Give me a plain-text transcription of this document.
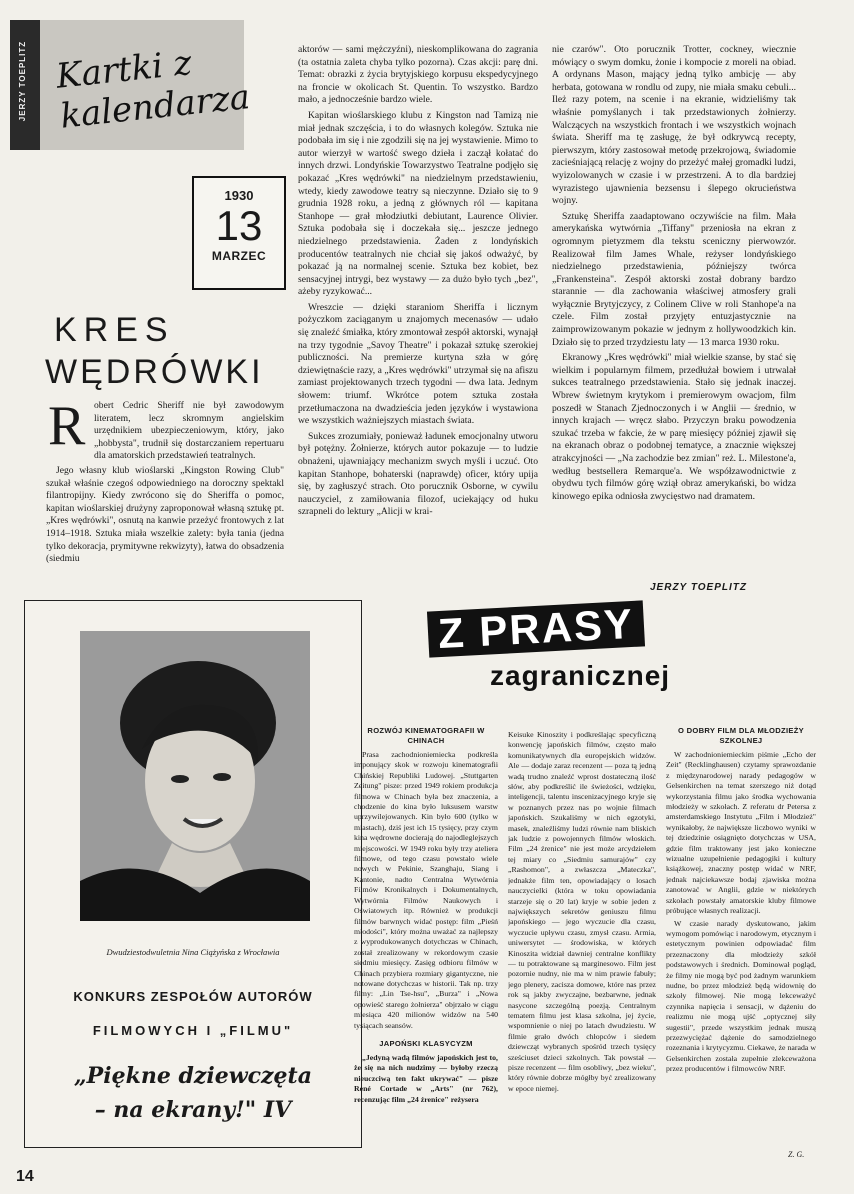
JERZY TOEPLITZ Kartki z kalendarza
1930
13
MARZEC
KRES
WĘDRÓWKI
R obert Cedric Sheriff nie był zawodowym literatem, lecz skromnym angielskim urzędnikiem ubezpieczeniowym, który, jako „hobbysta", trudnił się dostarczaniem repertuaru dla amatorskich przedstawień teatralnych.

Jego własny klub wioślarski „Kingston Rowing Club" szukał właśnie czegoś odpowiedniego na doroczny spektakl filantropijny. Kiedy zwrócono się do Sheriffa o pomoc, kapitan wioślarskiej drużyny zaproponował własną sztukę pt. „Kres wędrówki", osnutą na kanwie przeżyć frontowych z lat 1914–1918. Sztuka miała wszelkie zalety: była tania (jedna tylko dekoracja, prymitywne rekwizyty), łatwa do obsadzenia (siedmiu

aktorów — sami mężczyźni), nieskomplikowana do zagrania (ta ostatnia zaleta chyba tylko pozorna). Czas akcji: parę dni. Temat: obrazki z życia brytyjskiego korpusu ekspedycyjnego na froncie w okolicach St. Quentin. To wszystko. Bardzo mało, a jednocześnie bardzo wiele.

Kapitan wioślarskiego klubu z Kingston nad Tamizą nie miał jednak szczęścia, i to do własnych kolegów. Sztuka nie podobała im się i nie zgodzili się na jej wystawienie. Mimo to autor wierzył w wartość swego dzieła i zaczął kołatać do innych drzwi. Londyńskie Towarzystwo Teatralne podjęło się pokazać „Kres wędrówki" na niedzielnym przedstawieniu, wtedy, kiedy zawodowe teatry są nieczynne. Działo się to 9 grudnia 1928 roku, a jedną z głównych ról — kapitana Stanhope — grał młodziutki debiutant, Laurence Olivier. Sztuka podobała się i doczekała się... jeszcze jednego niedzielnego przedstawienia. Żaden z londyńskich producentów teatralnych nie chciał się jakoś odważyć, by pokazać ją na normalnej scenie. Sztuka bez kobiet, bez sensacyjnej intrygi, bez wystawy — za dużo było tych „bez", ażeby ryzykować...

Wreszcie — dzięki staraniom Sheriffa i licznym pożyczkom zaciąganym u znajomych mecenasów — udało się znaleźć śmiałka, który zmontował zespół aktorski, wynajął na trzy tygodnie „Savoy Theatre" i pokazał sztukę szerokiej publiczności. Na premierze kurtyna szła w górę dziewiętnaście razy, a „Kres wędrówki" utrzymał się na afiszu zamiast projektowanych trzech tygodni — dwa lata. Jednym słowem: triumf. Wkrótce potem sztuka została przetłumaczona na dwadzieścia jeden języków i wystawiona we wszystkich ważniejszych miastach świata.

Sukces zrozumiały, ponieważ ładunek emocjonalny utworu był potężny. Żołnierze, których autor pokazuje — to ludzie obnażeni, ujawniający mechanizm swych myśli i uczuć. Oto kapitan Stanhope, bohaterski (naprawdę) oficer, który upija się, by zagłuszyć strach. Oto porucznik Osborne, w cywilu nauczyciel, z zamiłowania filozof, uciekający od huku szrapneli do lektury „Alicji w krai-

nie czarów". Oto porucznik Trotter, cockney, wiecznie mówiący o swym domku, żonie i kompocie z moreli na obiad. A ordynans Mason, mający jedną tylko ambicję — aby herbata, gotowana w rondlu od zupy, nie miała smaku cebuli... Ileż razy potem, na scenie i na ekranie, widzieliśmy tak właśnie pomyślanych i tak przedstawionych żołnierzy. Walczących na wszystkich frontach i we wszystkich wojnach świata. Sheriff ma tę zasługę, że był odkrywcą recepty, pierwszym, który zastosował metodę przekrojową, świadomie zacieśniającą relację z wojny do przeżyć małej gromadki ludzi, wyizolowanych w czasie i w przestrzeni. A to dla bardziej wyrazistego ujawnienia bezsensu i ślepego okrucieństwa wojny.

Sztukę Sheriffa zaadaptowano oczywiście na film. Mała amerykańska wytwórnia „Tiffany" przeniosła na ekran z ogromnym pietyzmem dla tekstu sceniczny pierwowzór. Realizował film James Whale, reżyser londyńskiego niedzielnego przedstawienia, późniejszy twórca „Frankensteina". Zespół aktorski został dobrany bardzo starannie — dla zachowania właściwej atmosfery grali wyłącznie Brytyjczycy, z Colinem Clive w roli Stanhope'a na czele. Film został przyjęty entuzjastycznie na zaimprowizowanym pokazie w jednym z hollywoodzkich kin. Działo się to przed trzydziestu laty — 13 marca 1930 roku.

Ekranowy „Kres wędrówki" miał wielkie szanse, by stać się wielkim i popularnym filmem, przedłużał bowiem i utrwalał sukces teatralnego przedstawienia. Stało się jednak inaczej. Wbrew świetnym krytykom i premierowym owacjom, film poszedł w Stanach Zjednoczonych i w Anglii — średnio, w innych krajach — wręcz słabo. Przyczyn braku powodzenia szukać trzeba w fakcie, że w parę miesięcy później zjawił się na ekranach obraz o podobnej tematyce, a znacznie większej atrakcyjności — „Na zachodzie bez zmian" reż. L. Milestone'a, według bestsellera Remarque'a. We współzawodnictwie z obydwu tych filmów górę wziął obraz amerykański, bo widza kinowego epika odniosła zwycięstwo nad dramatem.

JERZY TOEPLITZ
Dwudziestodwuletnia Nina Ciążyńska z Wrocławia
KONKURS ZESPOŁÓW AUTORÓW
FILMOWYCH I „FILMU"
„Piękne dziewczęta
– na ekrany!" IV
Z PRASY
zagranicznej
ROZWÓJ KINEMATOGRAFII W CHINACH

Prasa zachodnioniemiecka podkreśla imponujący skok w rozwoju kinematografii Chińskiej Republiki Ludowej. „Stuttgarten Zeitung" pisze: przed 1949 rokiem produkcja filmowa w Chinach była bez znaczenia, a chodzenie do kina było luksusem warstw uprzywilejowanych. Kin było 600 (tylko w miastach), dziś jest ich 15 tysięcy, przy czym kina wędrowne docierają do najodleglejszych miejscowości. W 1949 roku były trzy atelierа filmowe, od tego czasu powstało wiele nowych w Pekinie, Szanghaju, Siang i Kantonie, nadto Centralna Wytwórnia Filmów Kronikalnych i Dokumentalnych, Wytwórnia Filmów Naukowych i Oświatowych itp. Również w produkcji filmów barwnych widać postęp: film „Pieśń młodości", który można uważać za najlepszy z wyprodukowanych dotychczas w Chinach, został zrealizowany w rekordowym czasie siedmiu miesięcy. Zasięg odbioru filmów w Chinach przybiera rozmiary gigantyczne, nie notowane dotychczas w historii. Tak np. trzy filmy: „Lin Tse-hsu", „Burza" i „Nowa opowieść starego żołnierza" objrzało w ciągu miesiąca 420 milionów widzów na 540 tysiącach seansów.

JAPOŃSKI KLASYCYZM

„Jedyną wadą filmów japońskich jest to, że się na nich nudzimy — byłoby rzeczą nieuczciwą ten fakt ukrywać" — pisze René Cortade w „Arts" (nr 762), recenzując film „24 źrenice" reżysera

Keisuke Kinoszity i podkreślając specyficzną konwencję japońskich filmów, często mało komunikatywnych dla europejskich widzów. Ale — dodaje zaraz recenzent — poza tą jedną wadą trudno znaleźć wprost dostateczną ilość słów, aby podkreślić ile świeżości, wdzięku, inteligencji, talentu inscenizacyjnego kryje się w poznanych przez nas po wojnie filmach japońskich. Szukaliśmy w nich egzotyki, masek, znaleźliśmy ludzi równie nam bliskich jak ludzie z powojennych filmów włoskich. Film „24 źrenice" nie jest może arcydziełem tej miary co „Siedmiu samurajów" czy „Rashomon", a zwłaszcza „Mateczka", jednakże film ten, opowiadający o losach nauczycielki (która w toku opowiadania starzeje się o 20 lat) kryje w sobie jeden z największych sekretów geniuszu filmu japońskiego — jego wyczucie dla czasu, wyczucie upływu czasu, zmysł czasu. Armia, uniwersytet — środowiska, w których Kinoszita widział dawniej centralne konflikty — tu potraktowane są marginesowo. Film jest pozornie nudny, nie ma w nim prawie fabuły; jego plenery, zacisza domowe, które nas przez rok są jakby zwyczajne, bezbarwne, jednak nasycone szczególną poezją. Centralnym tematem filmu jest klasa szkolna, jej życie, wspomnienie o niej po latach dwudziestu. W filmie grało dwóch chłopców i siedem dziewcząt wybranych spośród trzech tysięcy sześciuset dzieci szkolnych. Tak powstał — pisze recenzent — film osobliwy, „bez wieku", który równie dobrze mógłby być zrealizowany w epoce niemej.

O DOBRY FILM DLA MŁODZIEŻY SZKOLNEJ

W zachodnioniemieckim piśmie „Echo der Zeit" (Recklinghausen) czytamy sprawozdanie z międzynarodowej narady pedagogów w Gelsenkirchen na temat szerszego niż dotąd wykorzystania filmu jako środka wychowania młodzieży w szkołach. Z referatu dr Petersa z amsterdamskiego Instytutu „Film i Młodzież" wynikałoby, że największe liczbowo wyniki w tej dziedzinie osiągnięto dotychczas w USA, gdzie film traktowany jest jako konieczne wizualne uzupełnienie pedagogiki i kultury książkowej, znaczny postęp widać w NRF, jednak najciekawsze bodaj zjawiska można zanotować w Anglii, gdzie w niektórych szkołach powstały amatorskie kluby filmowe próbujące własnych realizacji.

W czasie narady dyskutowano, jakim wymogom pomówiąc i narodowym, etycznym i estetycznym powinien odpowiadać film przeznaczony dla młodzieży szkół podstawowych i średnich. Dominował pogląd, że filmy nie mogą być pod żadnym warunkiem nudne, bo przez młodzież będą widownię do szkoły filmowej. Nie mogą lekceważyć czynnika napięcia i sensacji, w dążeniu do realizmu nie mogą ujść „optycznej siły sugestii", przede wszystkim jednak muszą przezwyciężać dążenie do samodzielnego rozeznania i krytycyzmu. Ciekawe, że narada w Gelsenkirchen została zupełnie zlekceważona przez producentów i filmowców NRF.

Z. G.
14
